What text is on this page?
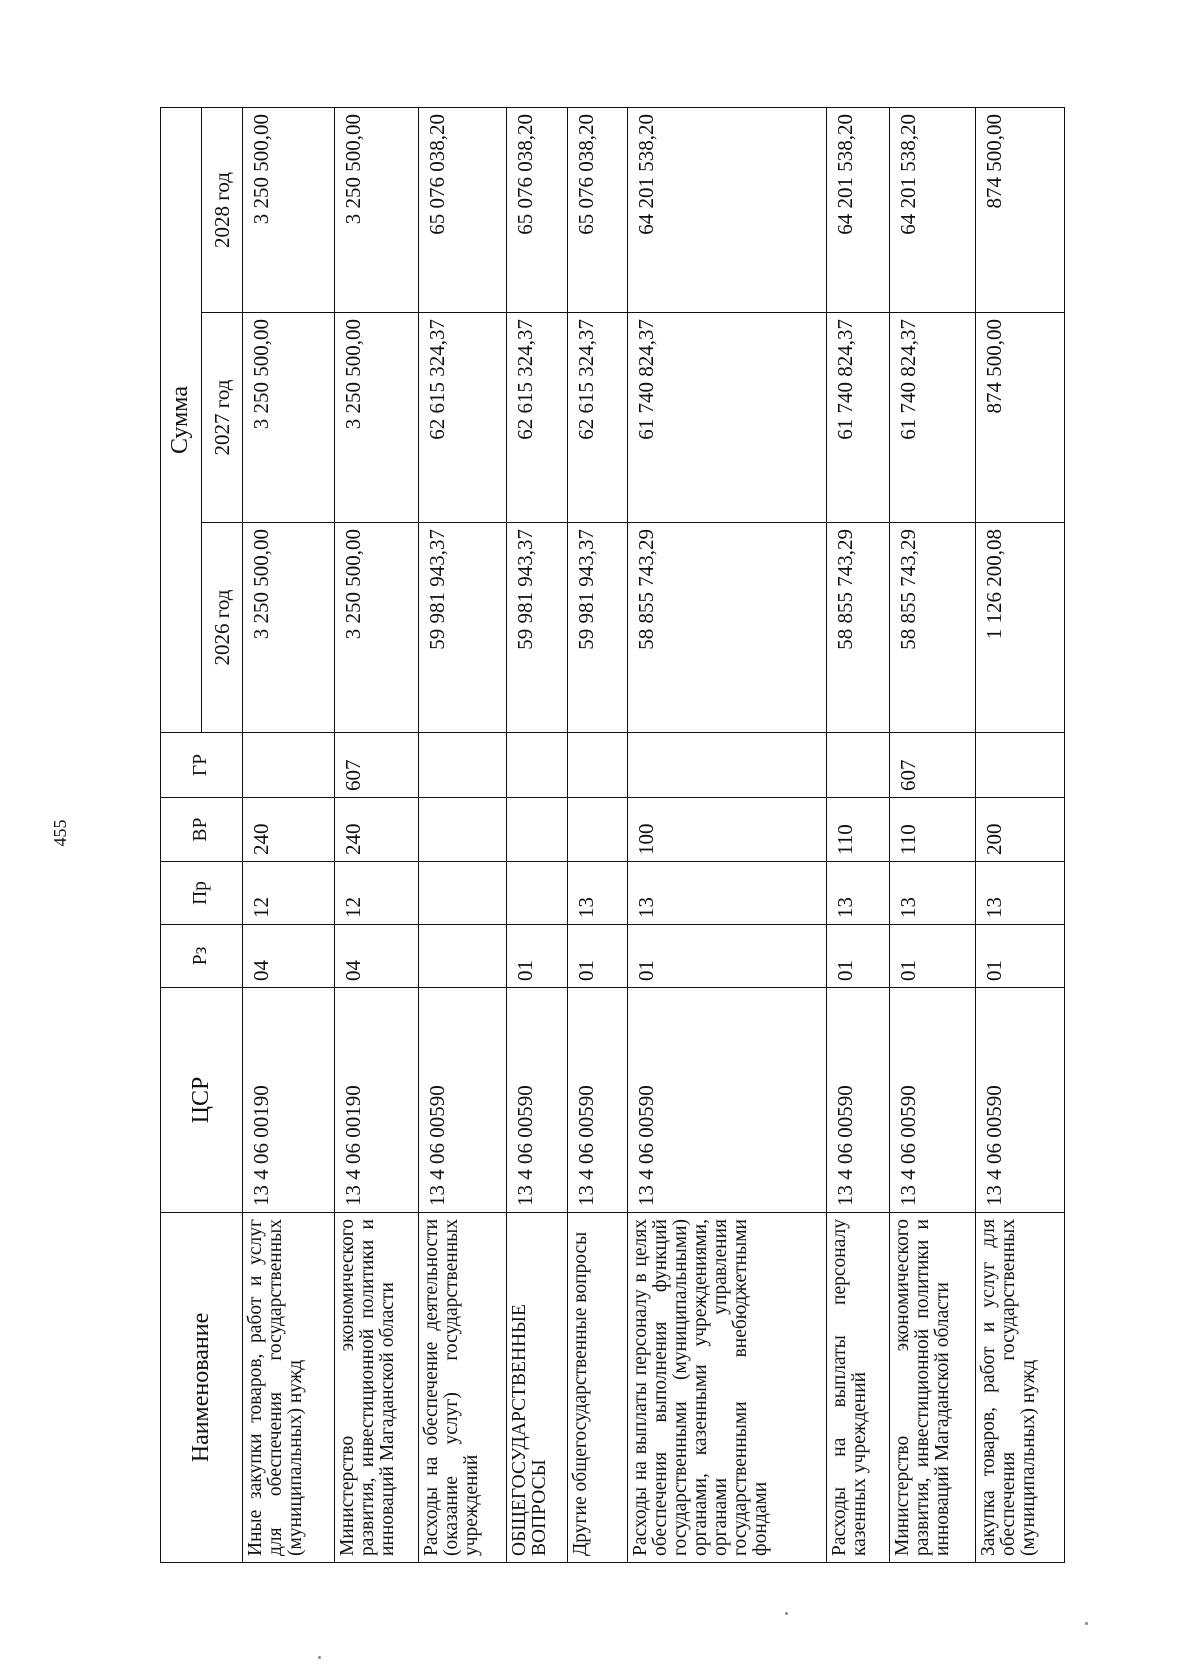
455
Наименование	ЦСР	Рз	Пр	ВР	ГР	Сумма		
						2026 год	2027 год	2028 год
Иные закупки товаров, работ и услуг для обеспечения государственных (муниципальных) нужд	13 4 06 00190	04	12	240		3 250 500,00	3 250 500,00	3 250 500,00
Министерство экономического развития, инвестиционной политики и инноваций Магаданской области	13 4 06 00190	04	12	240	607	3 250 500,00	3 250 500,00	3 250 500,00
Расходы на обеспечение деятельности (оказание услуг) государственных учреждений	13 4 06 00590					59 981 943,37	62 615 324,37	65 076 038,20
ОБЩЕГОСУДАРСТВЕННЫЕ ВОПРОСЫ	13 4 06 00590	01				59 981 943,37	62 615 324,37	65 076 038,20
Другие общегосударственные вопросы	13 4 06 00590	01	13			59 981 943,37	62 615 324,37	65 076 038,20
Расходы на выплаты персоналу в целях обеспечения выполнения функций государственными (муниципальными) органами, казенными учреждениями, органами управления государственными внебюджетными фондами	13 4 06 00590	01	13	100		58 855 743,29	61 740 824,37	64 201 538,20
Расходы на выплаты персоналу казенных учреждений	13 4 06 00590	01	13	110		58 855 743,29	61 740 824,37	64 201 538,20
Министерство экономического развития, инвестиционной политики и инноваций Магаданской области	13 4 06 00590	01	13	110	607	58 855 743,29	61 740 824,37	64 201 538,20
Закупка товаров, работ и услуг для обеспечения государственных (муниципальных) нужд	13 4 06 00590	01	13	200		1 126 200,08	874 500,00	874 500,00
